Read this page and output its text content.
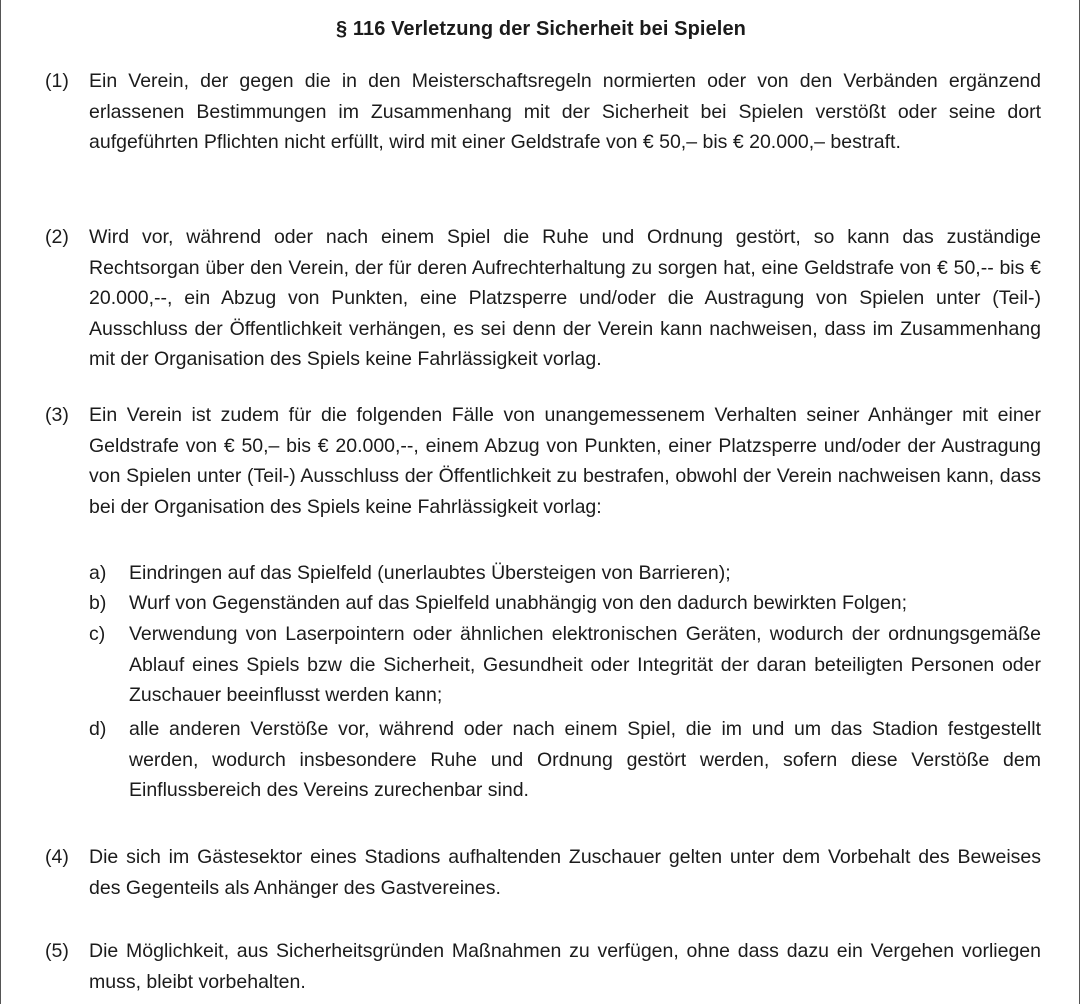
§ 116 Verletzung der Sicherheit bei Spielen
(1) Ein Verein, der gegen die in den Meisterschaftsregeln normierten oder von den Verbänden ergänzend erlassenen Bestimmungen im Zusammenhang mit der Sicherheit bei Spielen verstößt oder seine dort aufgeführten Pflichten nicht erfüllt, wird mit einer Geldstrafe von € 50,– bis € 20.000,– bestraft.
(2) Wird vor, während oder nach einem Spiel die Ruhe und Ordnung gestört, so kann das zuständige Rechtsorgan über den Verein, der für deren Aufrechterhaltung zu sorgen hat, eine Geldstrafe von € 50,-- bis € 20.000,--, ein Abzug von Punkten, eine Platzsperre und/oder die Austragung von Spielen unter (Teil-) Ausschluss der Öffentlichkeit verhängen, es sei denn der Verein kann nachweisen, dass im Zusammenhang mit der Organisation des Spiels keine Fahrlässigkeit vorlag.
(3) Ein Verein ist zudem für die folgenden Fälle von unangemessenem Verhalten seiner Anhänger mit einer Geldstrafe von € 50,– bis € 20.000,--, einem Abzug von Punkten, einer Platzsperre und/oder der Austragung von Spielen unter (Teil-) Ausschluss der Öffentlichkeit zu bestrafen, obwohl der Verein nachweisen kann, dass bei der Organisation des Spiels keine Fahrlässigkeit vorlag:
a) Eindringen auf das Spielfeld (unerlaubtes Übersteigen von Barrieren);
b) Wurf von Gegenständen auf das Spielfeld unabhängig von den dadurch bewirkten Folgen;
c) Verwendung von Laserpointern oder ähnlichen elektronischen Geräten, wodurch der ordnungsgemäße Ablauf eines Spiels bzw die Sicherheit, Gesundheit oder Integrität der daran beteiligten Personen oder Zuschauer beeinflusst werden kann;
d) alle anderen Verstöße vor, während oder nach einem Spiel, die im und um das Stadion festgestellt werden, wodurch insbesondere Ruhe und Ordnung gestört werden, sofern diese Verstöße dem Einflussbereich des Vereins zurechenbar sind.
(4) Die sich im Gästesektor eines Stadions aufhaltenden Zuschauer gelten unter dem Vorbehalt des Beweises des Gegenteils als Anhänger des Gastvereines.
(5) Die Möglichkeit, aus Sicherheitsgründen Maßnahmen zu verfügen, ohne dass dazu ein Vergehen vorliegen muss, bleibt vorbehalten.
